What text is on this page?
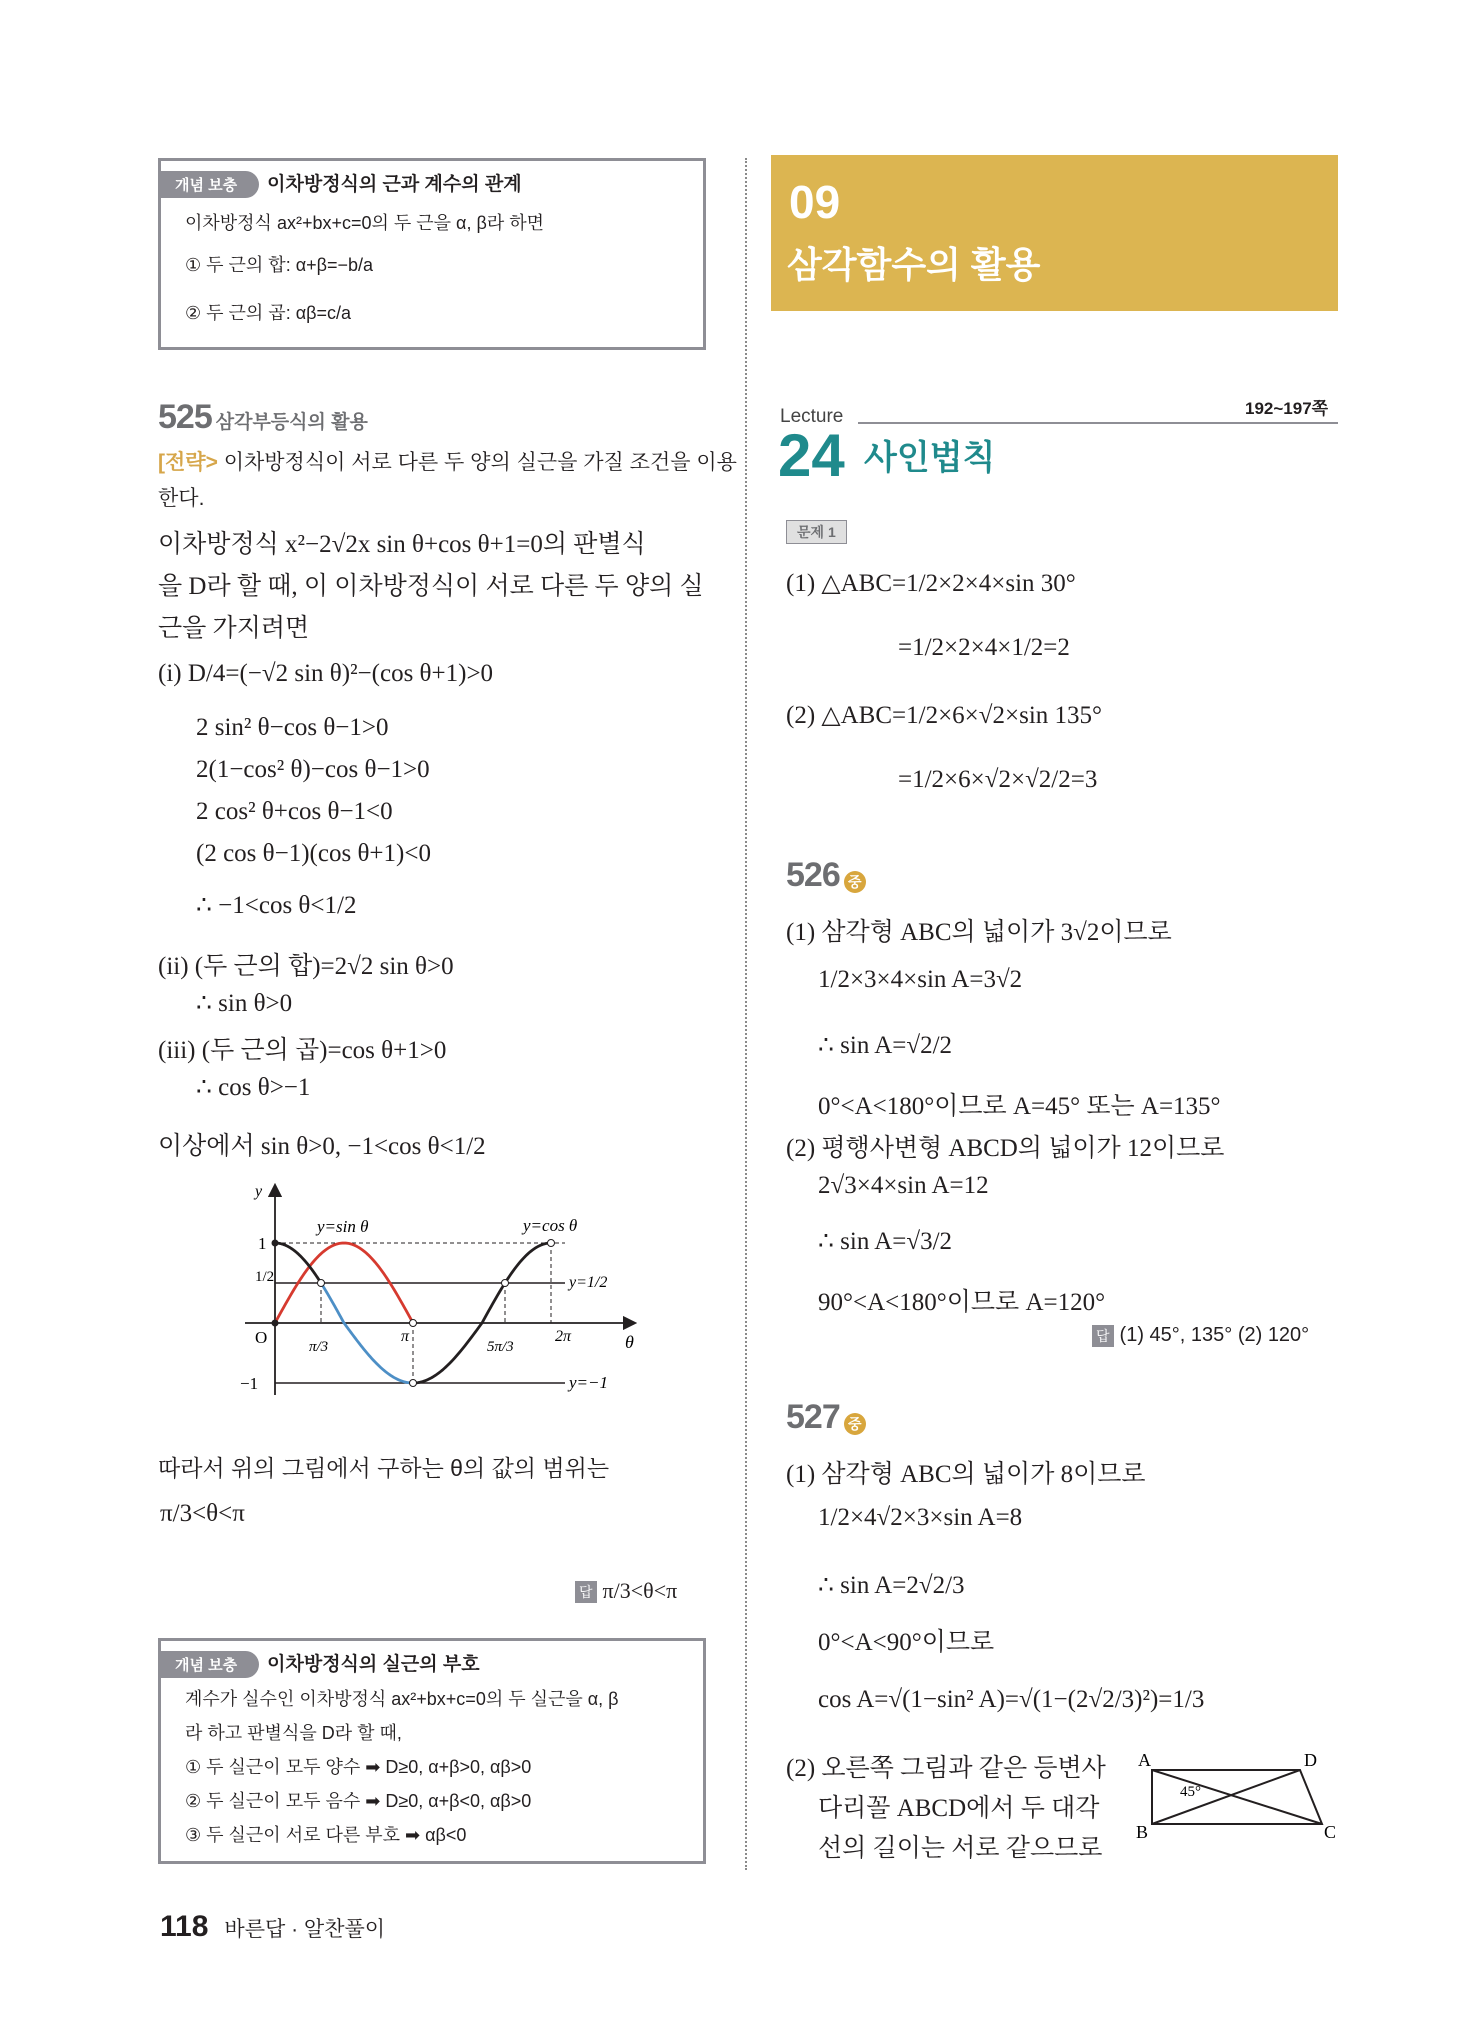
개념 보충 이차방정식의 근과 계수의 관계
이차방정식 ax²+bx+c=0의 두 근을 α, β라 하면
① 두 근의 합: α+β=−b/a
② 두 근의 곱: αβ=c/a
525 삼각부등식의 활용
[전략> 이차방정식이 서로 다른 두 양의 실근을 가질 조건을 이용
한다.
이차방정식 x²−2√2x sin θ+cos θ+1=0의 판별식
을 D라 할 때, 이 이차방정식이 서로 다른 두 양의 실
근을 가지려면
(i) D/4=(−√2 sin θ)²−(cos θ+1)>0
2 sin² θ−cos θ−1>0
2(1−cos² θ)−cos θ−1>0
2 cos² θ+cos θ−1<0
(2 cos θ−1)(cos θ+1)<0
∴ −1<cos θ<1/2
(ii) (두 근의 합)=2√2 sin θ>0
∴ sin θ>0
(iii) (두 근의 곱)=cos θ+1>0
∴ cos θ>−1
이상에서 sin θ>0, −1<cos θ<1/2
y
θ
O
1
1/2
−1
π/3
π
5π/3
2π
y=sin θ	y=cos θ
y=1/2
y=−1
따라서 위의 그림에서 구하는 θ의 값의 범위는
π/3<θ<π
답 π/3<θ<π
개념 보충 이차방정식의 실근의 부호
계수가 실수인 이차방정식 ax²+bx+c=0의 두 실근을 α, β
라 하고 판별식을 D라 할 때,
① 두 실근이 모두 양수 ➡ D≥0, α+β>0, αβ>0
② 두 실근이 모두 음수 ➡ D≥0, α+β<0, αβ>0
③ 두 실근이 서로 다른 부호 ➡ αβ<0
09
삼각함수의 활용
Lecture	192~197쪽
24 사인법칙
문제 1
(1) △ABC=1/2×2×4×sin 30°
=1/2×2×4×1/2=2
(2) △ABC=1/2×6×√2×sin 135°
=1/2×6×√2×√2/2=3
526 중
(1) 삼각형 ABC의 넓이가 3√2이므로
1/2×3×4×sin A=3√2
∴ sin A=√2/2
0°<A<180°이므로 A=45° 또는 A=135°
(2) 평행사변형 ABCD의 넓이가 12이므로
2√3×4×sin A=12
∴ sin A=√3/2
90°<A<180°이므로 A=120°
답 (1) 45°, 135° (2) 120°
527 중
(1) 삼각형 ABC의 넓이가 8이므로
1/2×4√2×3×sin A=8
∴ sin A=2√2/3
0°<A<90°이므로
cos A=√(1−sin² A)=√(1−(2√2/3)²)=1/3
(2) 오른쪽 그림과 같은 등변사
다리꼴 ABCD에서 두 대각
선의 길이는 서로 같으므로
A	D
B	C
45°
118 바른답 · 알찬풀이
